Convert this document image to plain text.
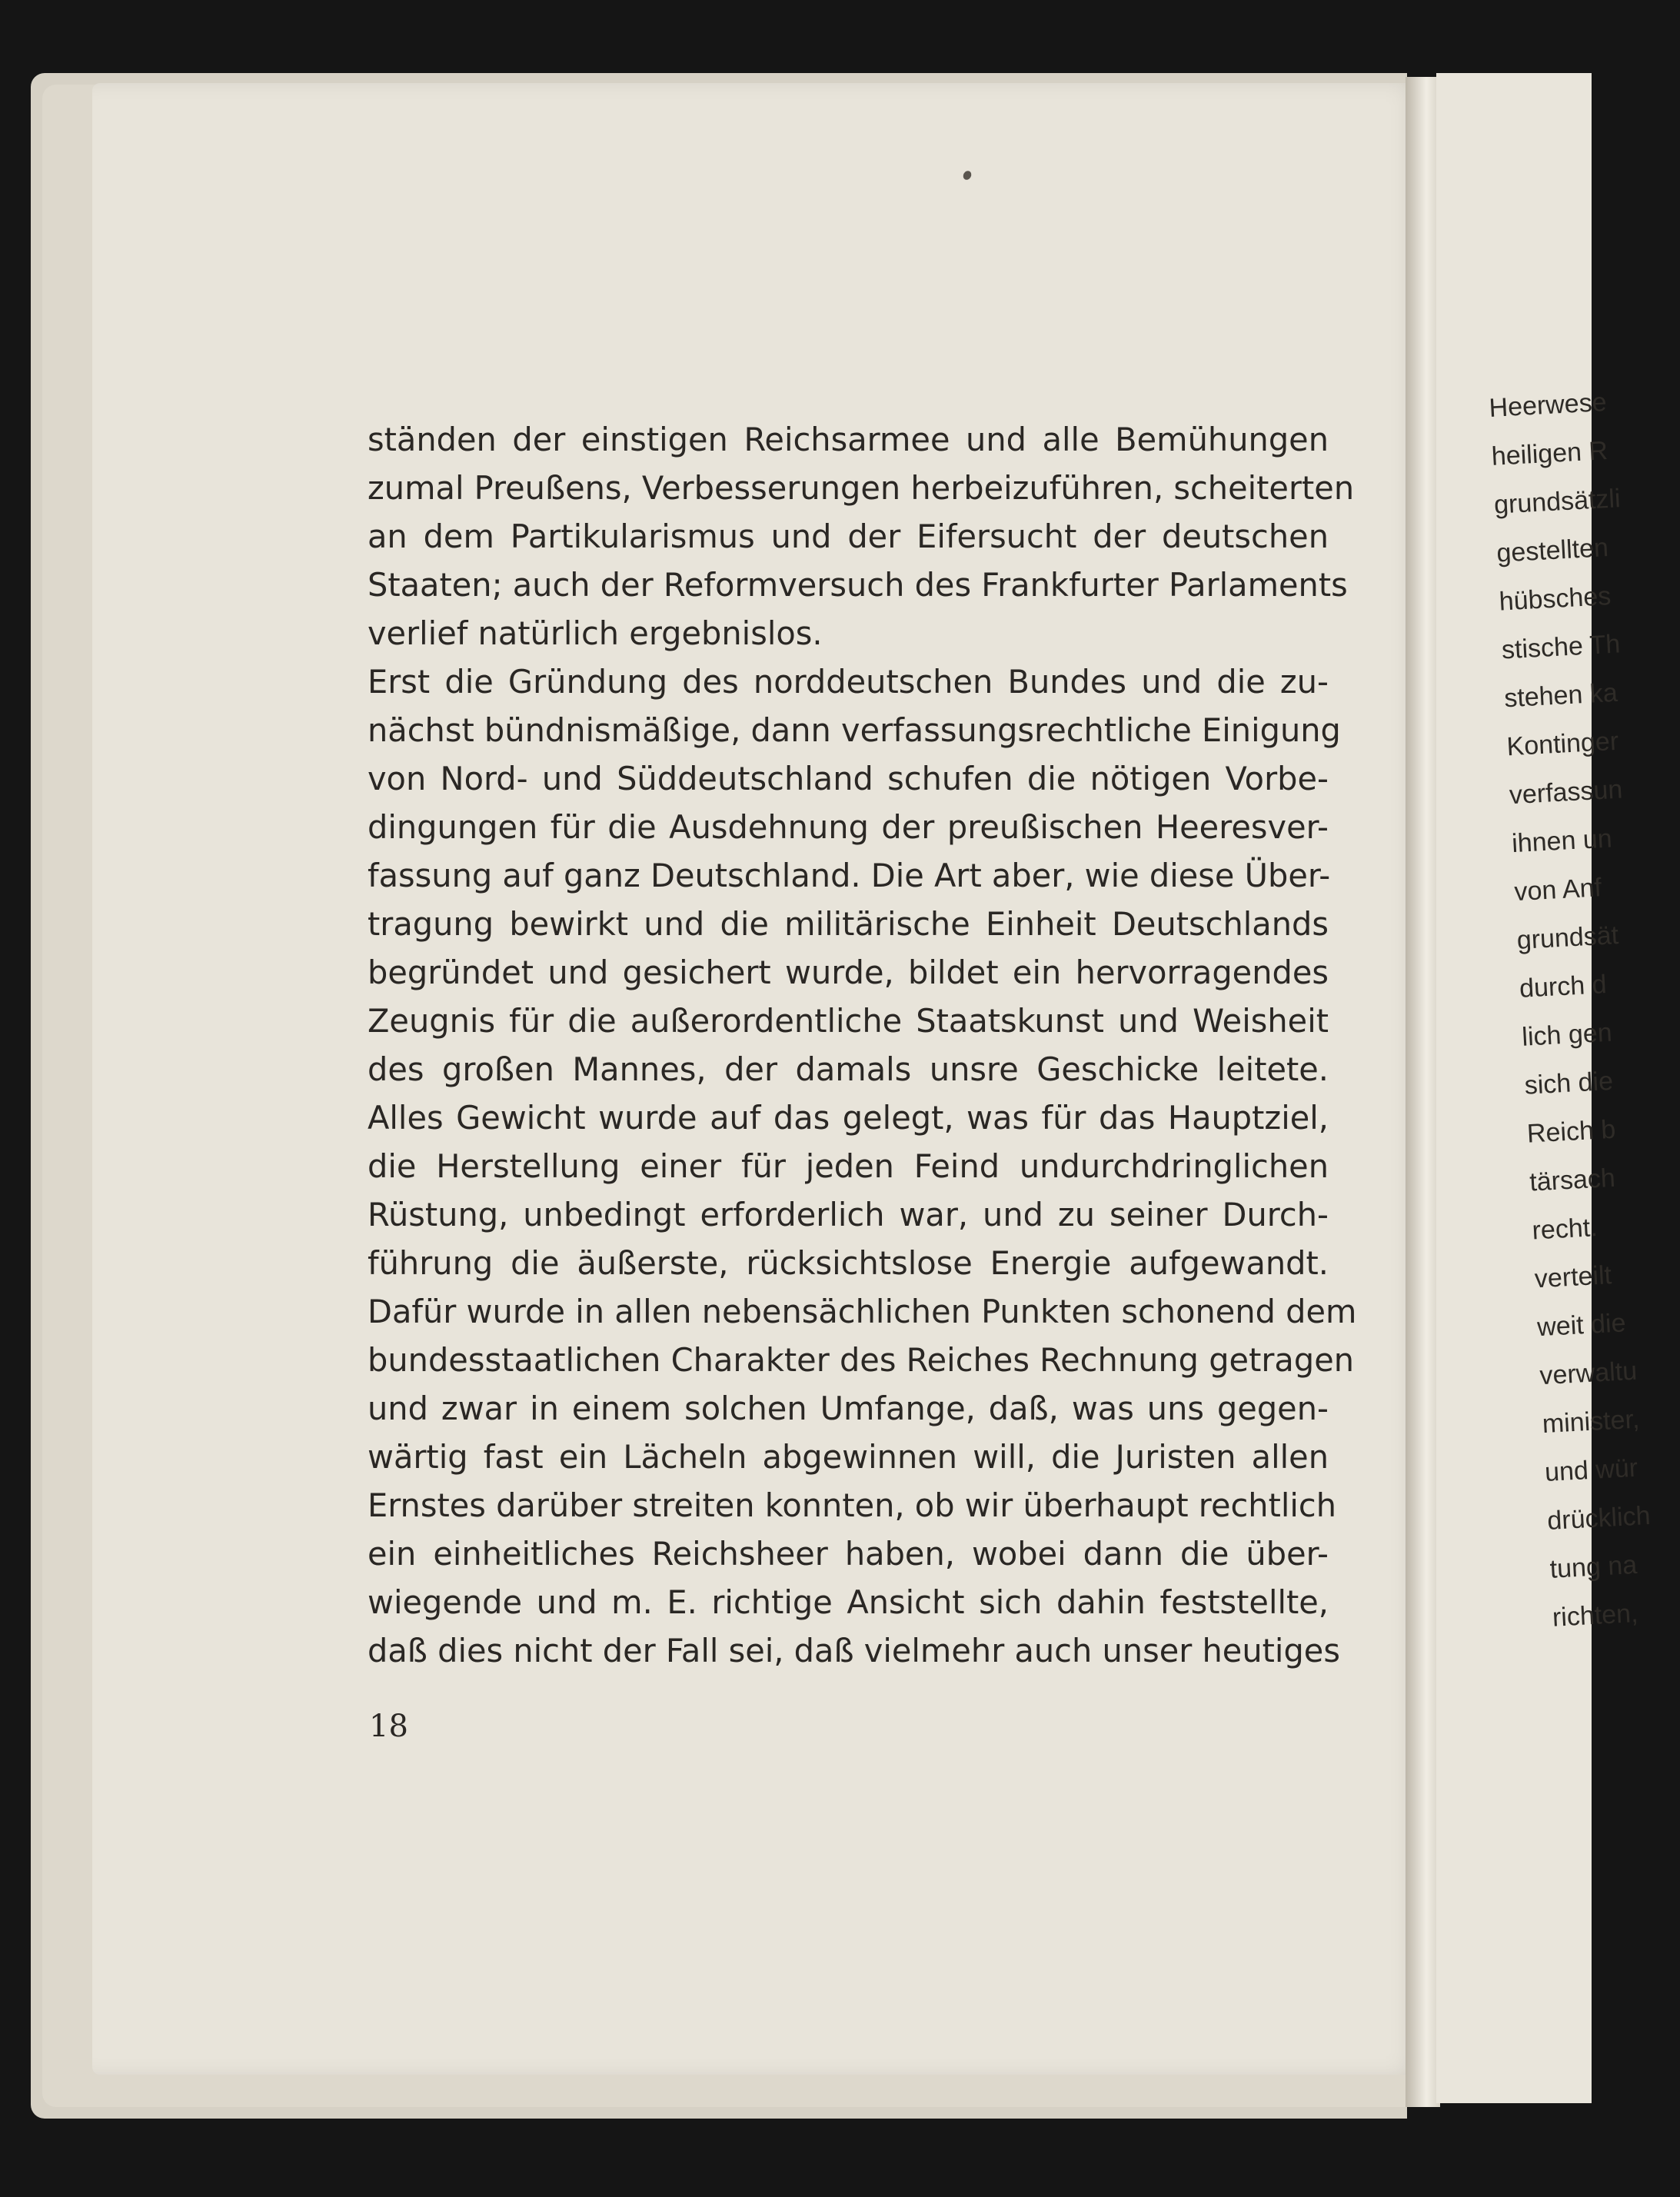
ständen der einstigen Reichsarmee und alle Bemühungen
zumal Preußens, Verbesserungen herbeizuführen, scheiterten
an dem Partikularismus und der Eifersucht der deutschen
Staaten; auch der Reformversuch des Frankfurter Parlaments
verlief natürlich ergebnislos.
Erst die Gründung des norddeutschen Bundes und die zu-
nächst bündnismäßige, dann verfassungsrechtliche Einigung
von Nord- und Süddeutschland schufen die nötigen Vorbe-
dingungen für die Ausdehnung der preußischen Heeresver-
fassung auf ganz Deutschland. Die Art aber, wie diese Über-
tragung bewirkt und die militärische Einheit Deutschlands
begründet und gesichert wurde, bildet ein hervorragendes
Zeugnis für die außerordentliche Staatskunst und Weisheit
des großen Mannes, der damals unsre Geschicke leitete.
Alles Gewicht wurde auf das gelegt, was für das Hauptziel,
die Herstellung einer für jeden Feind undurchdringlichen
Rüstung, unbedingt erforderlich war, und zu seiner Durch-
führung die äußerste, rücksichtslose Energie aufgewandt.
Dafür wurde in allen nebensächlichen Punkten schonend dem
bundesstaatlichen Charakter des Reiches Rechnung getragen
und zwar in einem solchen Umfange, daß, was uns gegen-
wärtig fast ein Lächeln abgewinnen will, die Juristen allen
Ernstes darüber streiten konnten, ob wir überhaupt rechtlich
ein einheitliches Reichsheer haben, wobei dann die über-
wiegende und m. E. richtige Ansicht sich dahin feststellte,
daß dies nicht der Fall sei, daß vielmehr auch unser heutiges
18
Heerwese
heiligen R
grundsätzli
gestellten
hübsches
stische Th
stehen ka
Kontinger
verfassun
ihnen un
von Anf
grundsät
durch d
lich gen
sich die
Reich b
tärsach
recht.
verteilt
weit die
verwaltu
minister,
und wür
drücklich
tung na
richten,
